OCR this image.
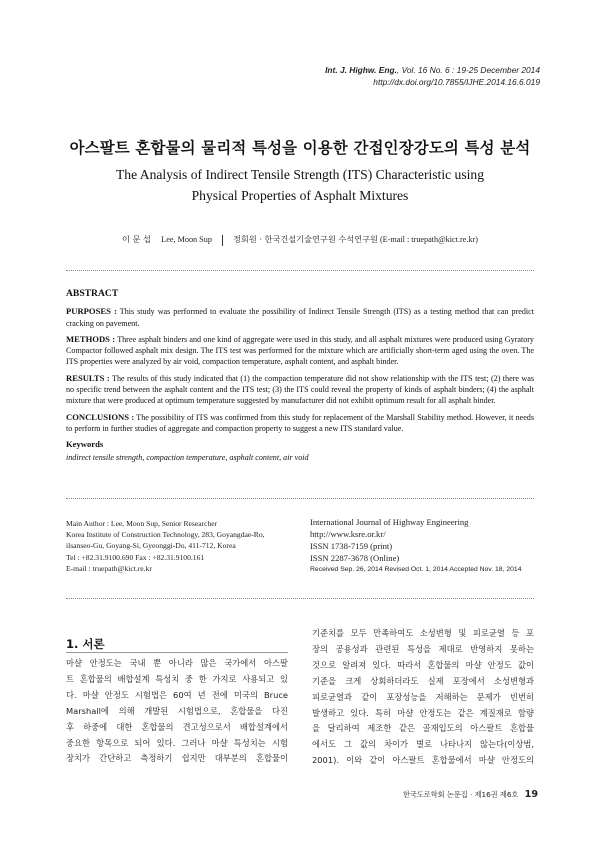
Int. J. Highw. Eng., Vol. 16 No. 6 : 19-25 December 2014
http://dx.doi.org/10.7855/IJHE.2014.16.6.019
아스팔트 혼합물의 물리적 특성을 이용한 간접인장강도의 특성 분석
The Analysis of Indirect Tensile Strength (ITS) Characteristic using
Physical Properties of Asphalt Mixtures
이 문 섭 Lee, Moon Sup	정회원 · 한국건설기술연구원 수석연구원 (E-mail : truepath@kict.re.kr)
ABSTRACT

PURPOSES : This study was performed to evaluate the possibility of Indirect Tensile Strength (ITS) as a testing method that can predict cracking on pavement.

METHODS : Three asphalt binders and one kind of aggregate were used in this study, and all asphalt mixtures were produced using Gyratory Compactor followed asphalt mix design. The ITS test was performed for the mixture which are artificially short-term aged using the oven. The ITS properties were analyzed by air void, compaction temperature, asphalt content, and asphalt binder.

RESULTS : The results of this study indicated that (1) the compaction temperature did not show relationship with the ITS test; (2) there was no specific trend between the asphalt content and the ITS test; (3) the ITS could reveal the property of kinds of asphalt binders; (4) the asphalt mixture that were produced at optimum temperature suggested by manufacturer did not exhibit optimum result for all asphalt binder.

CONCLUSIONS : The possibility of ITS was confirmed from this study for replacement of the Marshall Stability method. However, it needs to perform in further studies of aggregate and compaction property to suggest a new ITS standard value.

Keywords
indirect tensile strength, compaction temperature, asphalt content, air void
Main Author : Lee, Moon Sup, Senior Researcher
Korea Institute of Construction Technology, 283, Goyangdae-Ro,
ilsanseo-Gu, Goyang-Si, Gyeonggi-Do, 411-712, Korea
Tel : +82.31.9100.690 Fax : +82.31.9100.161
E-mail : truepath@kict.re.kr
International Journal of Highway Engineering
http://www.ksre.or.kr/
ISSN 1738-7159 (print)
ISSN 2287-3678 (Online)
Received Sep. 26, 2014 Revised Oct. 1, 2014 Accepted Nov. 18, 2014
1. 서론
마샬 안정도는 국내 뿐 아니라 많은 국가에서 아스팔
트 혼합물의 배합설계 특성치 중 한 가지로 사용되고 있
다. 마샬 안정도 시험법은 60여 년 전에 미국의 Bruce
Marshall에 의해 개발된 시험법으로, 혼합물을 다진
후 하중에 대한 혼합물의 견고성으로서 배합설계에서
중요한 항목으로 되어 있다. 그러나 마샬 특성치는 시험
장치가 간단하고 측정하기 쉽지만 대부분의 혼합물이
기준치를 모두 만족하여도 소성변형 및 피로균열 등 포
장의 공용성과 관련된 특성을 제대로 반영하지 못하는
것으로 알려져 있다. 따라서 혼합물의 마샬 안정도 값이
기준을 크게 상회하더라도 실제 포장에서 소성변형과
피로균열과 같이 포장성능을 저해하는 문제가 빈번히
발생하고 있다. 특히 마샬 안정도는 같은 계질재로 함량
을 달리하여 제조한 같은 골재입도의 아스팔트 혼합물
에서도 그 값의 차이가 별로 나타나지 않는다(이상범,
2001). 이와 같이 아스팔트 혼합물에서 마샬 안정도의
한국도로학회 논문집 · 제16권 제6호 19
